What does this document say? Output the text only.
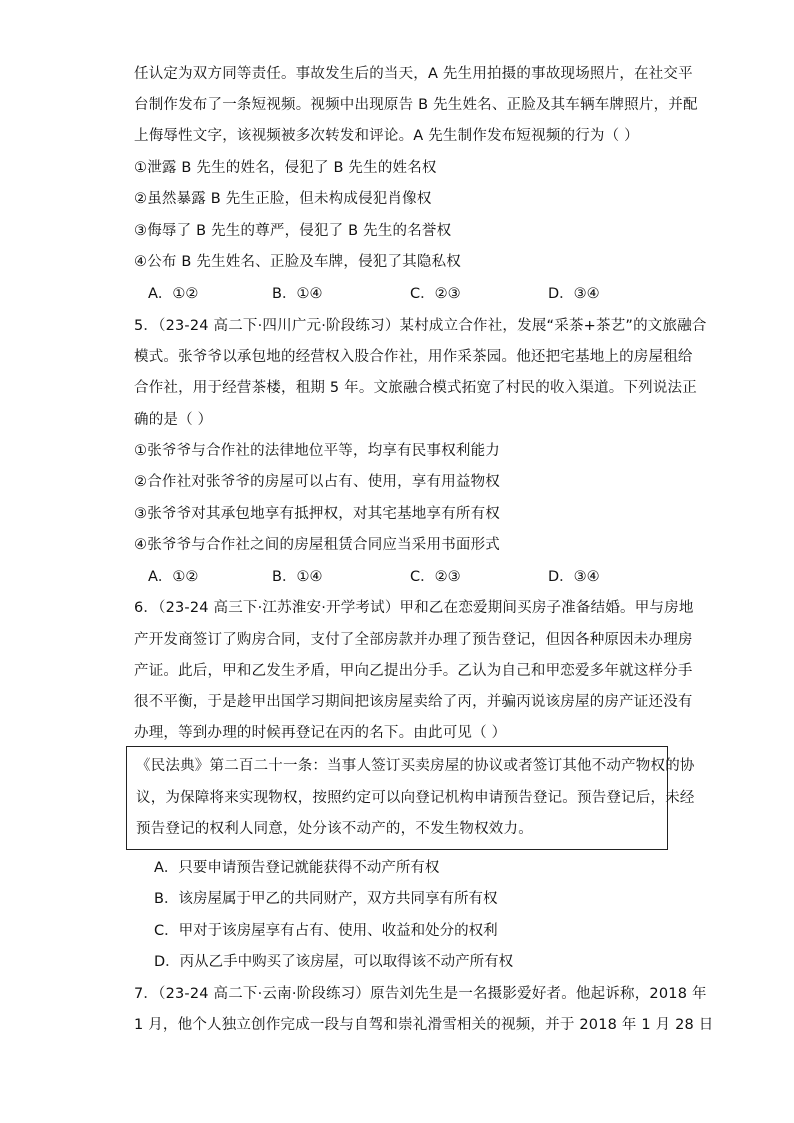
任认定为双方同等责任。事故发生后的当天，A 先生用拍摄的事故现场照片，在社交平
台制作发布了一条短视频。视频中出现原告 B 先生姓名、正脸及其车辆车牌照片，并配
上侮辱性文字，该视频被多次转发和评论。A 先生制作发布短视频的行为（ ）
①泄露 B 先生的姓名，侵犯了 B 先生的姓名权
②虽然暴露 B 先生正脸，但未构成侵犯肖像权
③侮辱了 B 先生的尊严，侵犯了 B 先生的名誉权
④公布 B 先生姓名、正脸及车牌，侵犯了其隐私权
A．①②	B．①④	C．②③	D．③④
5．（23-24 高二下·四川广元·阶段练习）某村成立合作社，发展“采茶+茶艺”的文旅融合
模式。张爷爷以承包地的经营权入股合作社，用作采茶园。他还把宅基地上的房屋租给
合作社，用于经营茶楼，租期 5 年。文旅融合模式拓宽了村民的收入渠道。下列说法正
确的是（ ）
①张爷爷与合作社的法律地位平等，均享有民事权利能力
②合作社对张爷爷的房屋可以占有、使用，享有用益物权
③张爷爷对其承包地享有抵押权，对其宅基地享有所有权
④张爷爷与合作社之间的房屋租赁合同应当采用书面形式
A．①②	B．①④	C．②③	D．③④
6．（23-24 高三下·江苏淮安·开学考试）甲和乙在恋爱期间买房子准备结婚。甲与房地
产开发商签订了购房合同，支付了全部房款并办理了预告登记，但因各种原因未办理房
产证。此后，甲和乙发生矛盾，甲向乙提出分手。乙认为自己和甲恋爱多年就这样分手
很不平衡，于是趁甲出国学习期间把该房屋卖给了丙，并骗丙说该房屋的房产证还没有
办理，等到办理的时候再登记在丙的名下。由此可见（ ）
《民法典》第二百二十一条：当事人签订买卖房屋的协议或者签订其他不动产物权的协
议，为保障将来实现物权，按照约定可以向登记机构申请预告登记。预告登记后，未经
预告登记的权利人同意，处分该不动产的，不发生物权效力。
A．只要申请预告登记就能获得不动产所有权
B．该房屋属于甲乙的共同财产，双方共同享有所有权
C．甲对于该房屋享有占有、使用、收益和处分的权利
D．丙从乙手中购买了该房屋，可以取得该不动产所有权
7．（23-24 高二下·云南·阶段练习）原告刘先生是一名摄影爱好者。他起诉称，2018 年
1 月，他个人独立创作完成一段与自驾和崇礼滑雪相关的视频，并于 2018 年 1 月 28 日
